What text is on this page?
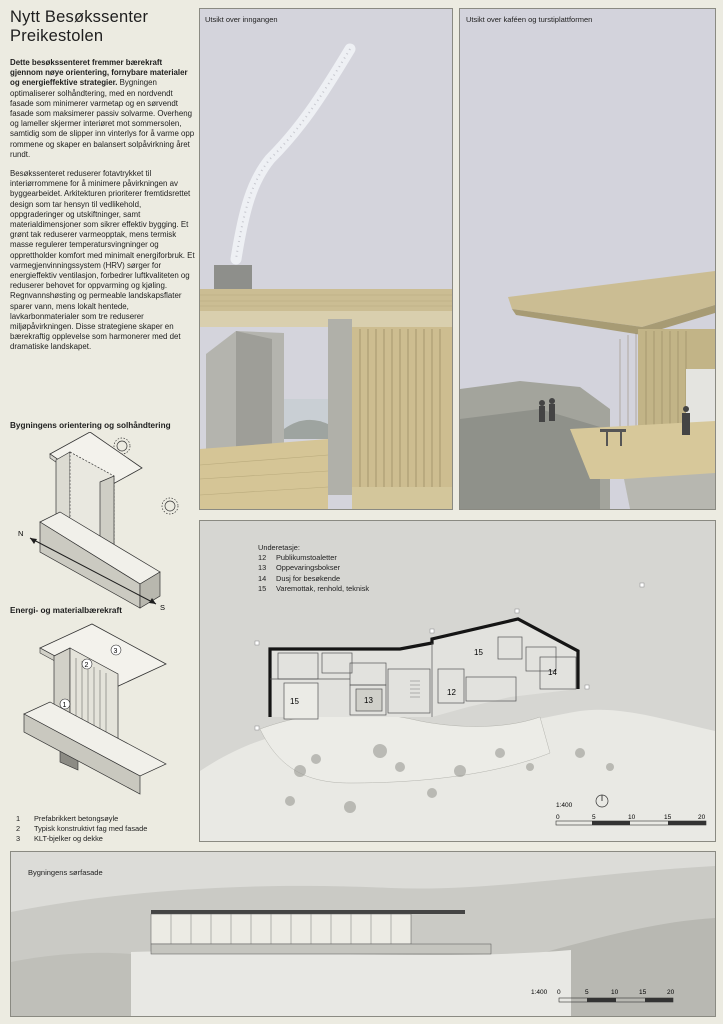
Nytt Besøkssenter
Preikestolen

Dette besøkssenteret fremmer bærekraft gjennom nøye orientering, fornybare materialer og energieffektive strategier. Bygningen optimaliserer solhåndtering, med en nordvendt fasade som minimerer varmetap og en sørvendt fasade som maksimerer passiv solvarme. Overheng og lameller skjermer interiøret mot sommersolen, samtidig som de slipper inn vinterlys for å varme opp rommene og skaper en balansert solpåvirkning året rundt.

Besøkssenteret reduserer fotavtrykket til interiørrommene for å minimere påvirkningen av byggearbeidet. Arkitekturen prioriterer fremtidsrettet design som tar hensyn til vedlikehold, oppgraderinger og utskiftninger, samt materialdimensjoner som sikrer effektiv bygging. Et grønt tak reduserer varmeopptak, mens termisk masse regulerer temperatursvingninger og opprettholder komfort med minimalt energiforbruk. Et varmegjenvinningssystem (HRV) sørger for energieffektiv ventilasjon, forbedrer luftkvaliteten og reduserer behovet for oppvarming og kjøling. Regnvannshøsting og permeable landskapsflater sparer vann, mens lokalt hentede, lavkarbonmaterialer som tre reduserer miljøpåvirkningen. Disse strategiene skaper en bærekraftig opplevelse som harmonerer med det dramatiske landskapet.

Bygningens orientering og solhåndtering
N
S
Energi- og materialbærekraft
3
2
1
1 Prefabrikkert betongsøyle
2 Typisk konstruktivt fag med fasade
3 KLT-bjelker og dekke
Utsikt over inngangen	Utsikt over kaféen og turstiplattformen
Underetasje:
12 Publikumstoaletter
13 Oppevaringsbokser
14 Dusj for besøkende
15 Varemottak, renhold, teknisk
15	13
15
12
14
1:400
0	5	10	15	20
Bygningens sørfasade
1:400 0	5	10	15	20
